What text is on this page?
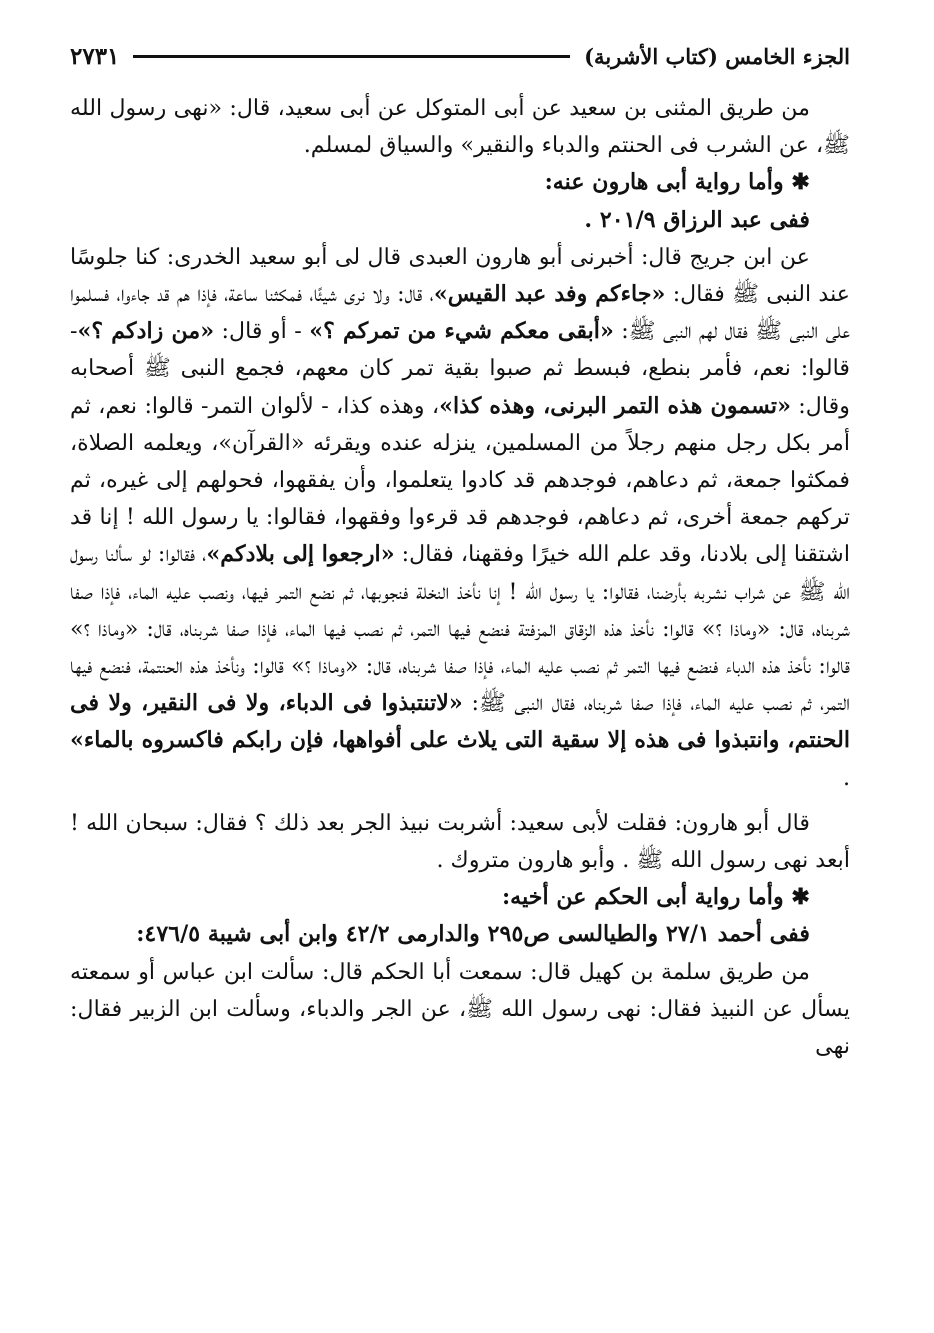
الجزء الخامس (كتاب الأشربة)
٢٧٣١

من طريق المثنى بن سعيد عن أبى المتوكل عن أبى سعيد، قال: «نهى رسول الله ﷺ، عن الشرب فى الحنتم والدباء والنقير» والسياق لمسلم.

✱ وأما رواية أبى هارون عنه:

ففى عبد الرزاق ٢٠١/٩ .

عن ابن جريج قال: أخبرنى أبو هارون العبدى قال لى أبو سعيد الخدرى: كنا جلوسًا عند النبى ﷺ فقال: «جاءكم وفد عبد القيس»، قال: ولا نرى شيئًا، فمكثنا ساعة، فإذا هم قد جاءوا، فسلموا على النبى ﷺ فقال لهم النبى ﷺ: «أبقى معكم شيء من تمركم ؟» - أو قال: «من زادكم ؟»- قالوا: نعم، فأمر بنطع، فبسط ثم صبوا بقية تمر كان معهم، فجمع النبى ﷺ أصحابه وقال: «تسمون هذه التمر البرنى، وهذه كذا»، وهذه كذا، - لألوان التمر- قالوا: نعم، ثم أمر بكل رجل منهم رجلاً من المسلمين، ينزله عنده ويقرئه «القرآن»، ويعلمه الصلاة، فمكثوا جمعة، ثم دعاهم، فوجدهم قد كادوا يتعلموا، وأن يفقهوا، فحولهم إلى غيره، ثم تركهم جمعة أخرى، ثم دعاهم، فوجدهم قد قرءوا وفقهوا، فقالوا: يا رسول الله ! إنا قد اشتقنا إلى بلادنا، وقد علم الله خيرًا وفقهنا، فقال: «ارجعوا إلى بلادكم»، فقالوا: لو سألنا رسول الله ﷺ عن شراب نشربه بأرضنا، فقالوا: يا رسول الله ! إنا نأخذ النخلة فنجوبها، ثم نضع التمر فيها، ونصب عليه الماء، فإذا صفا شربناه، قال: «وماذا ؟» قالوا: نأخذ هذه الزقاق المزفتة فنضع فيها التمر، ثم نصب فيها الماء، فإذا صفا شربناه، قال: «وماذا ؟» قالوا: نأخذ هذه الدباء فنضع فيها التمر ثم نصب عليه الماء، فإذا صفا شربناه، قال: «وماذا ؟» قالوا: ونأخذ هذه الحنتمة، فنضع فيها التمر، ثم نصب عليه الماء، فإذا صفا شربناه، فقال النبى ﷺ: «لاتنتبذوا فى الدباء، ولا فى النقير، ولا فى الحنتم، وانتبذوا فى هذه إلا سقية التى يلاث على أفواهها، فإن رابكم فاكسروه بالماء» .

قال أبو هارون: فقلت لأبى سعيد: أشربت نبيذ الجر بعد ذلك ؟ فقال: سبحان الله ! أبعد نهى رسول الله ﷺ . وأبو هارون متروك .

✱ وأما رواية أبى الحكم عن أخيه:

ففى أحمد ٢٧/١ والطيالسى ص٢٩٥ والدارمى ٤٢/٢ وابن أبى شيبة ٤٧٦/٥:

من طريق سلمة بن كهيل قال: سمعت أبا الحكم قال: سألت ابن عباس أو سمعته يسأل عن النبيذ فقال: نهى رسول الله ﷺ، عن الجر والدباء، وسألت ابن الزبير فقال: نهى
